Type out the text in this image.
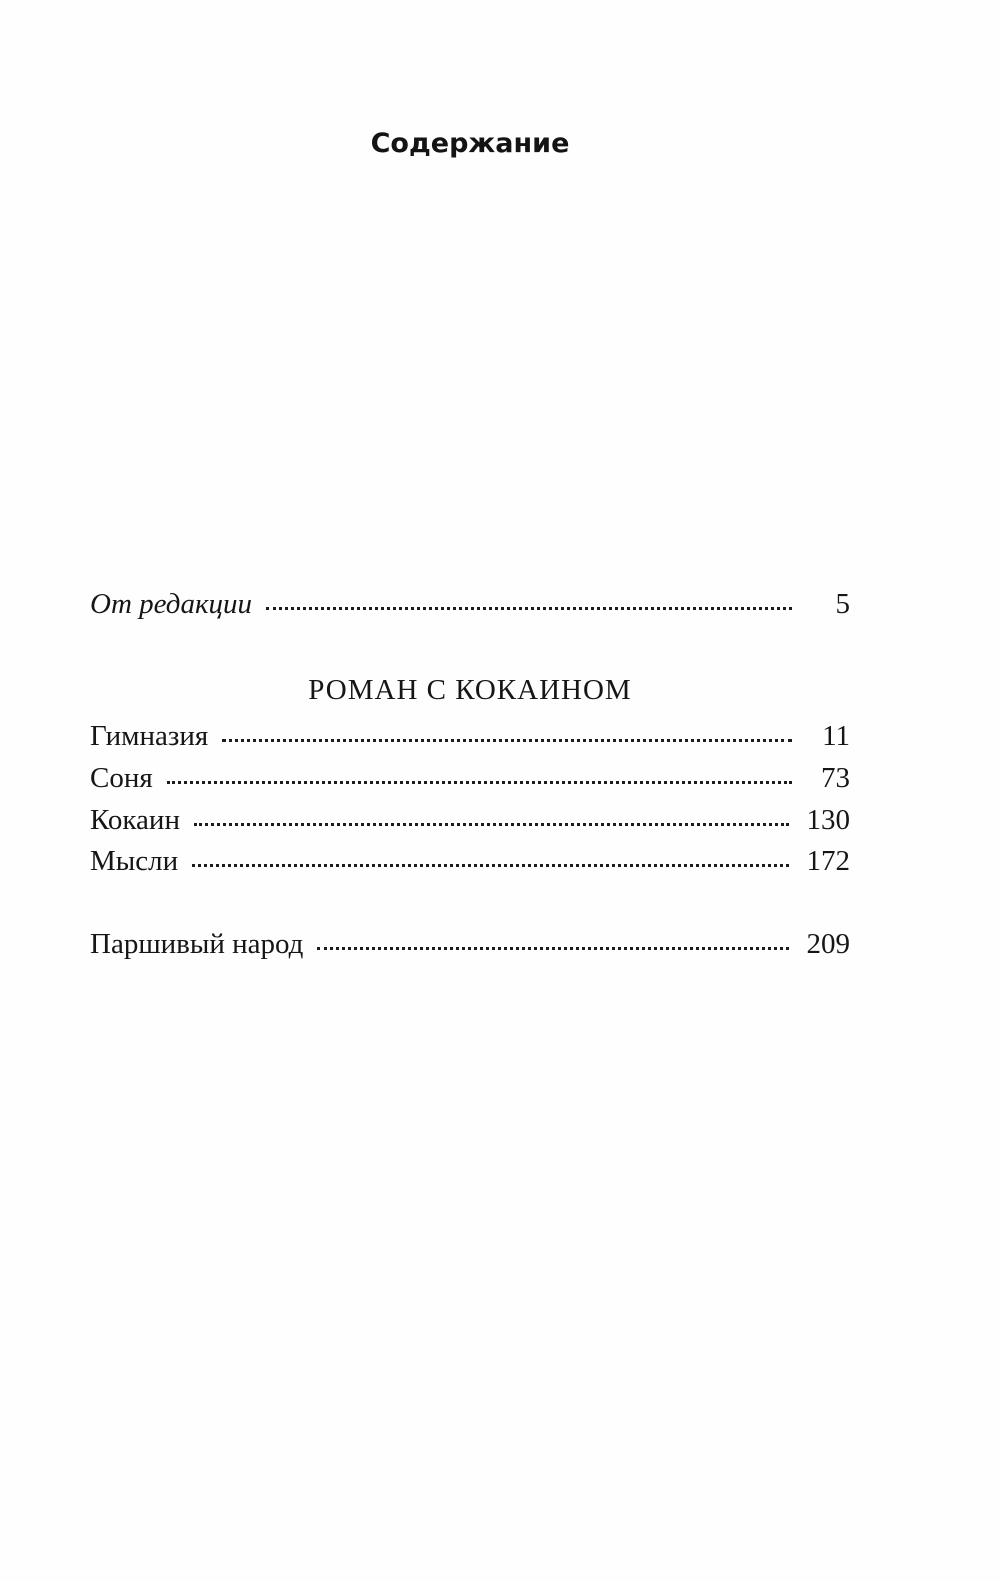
Содержание
От редакции	5
РОМАН С КОКАИНОМ
Гимназия	11
Соня	73
Кокаин	130
Мысли	172
Паршивый народ	209
